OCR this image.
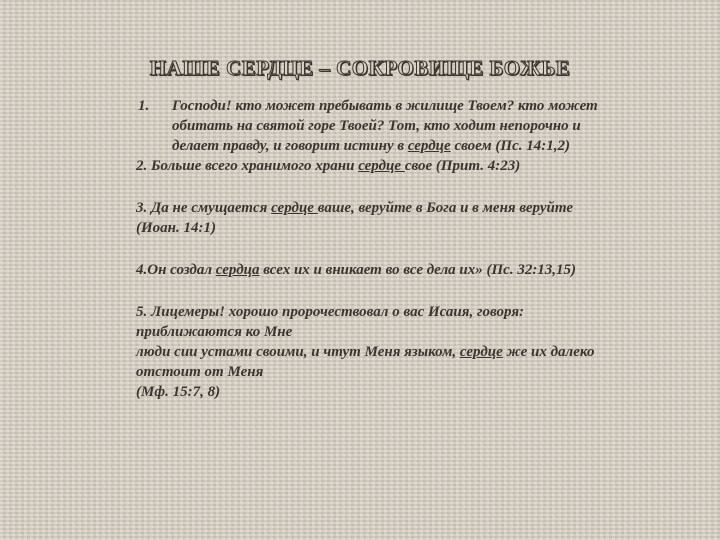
НАШЕ СЕРДЦЕ – СОКРОВИЩЕ БОЖЬЕ
1. Господи! кто может пребывать в жилище Твоем? кто может обитать на святой горе Твоей? Тот, кто ходит непорочно и делает правду, и говорит истину в сердце своем (Пс. 14:1,2)

2. Больше всего хранимого храни сердце свое (Прит. 4:23)

3. Да не смущается сердце ваше, веруйте в Бога и в меня веруйте (Иоан. 14:1)

4.Он создал сердца всех их и вникает во все дела их» (Пс. 32:13,15)

5. Лицемеры! хорошо пророчествовал о вас Исаия, говоря: приближаются ко Мне
люди сии устами своими, и чтут Меня языком, сердце же их далеко отстоит от Меня
(Мф. 15:7, 8)
